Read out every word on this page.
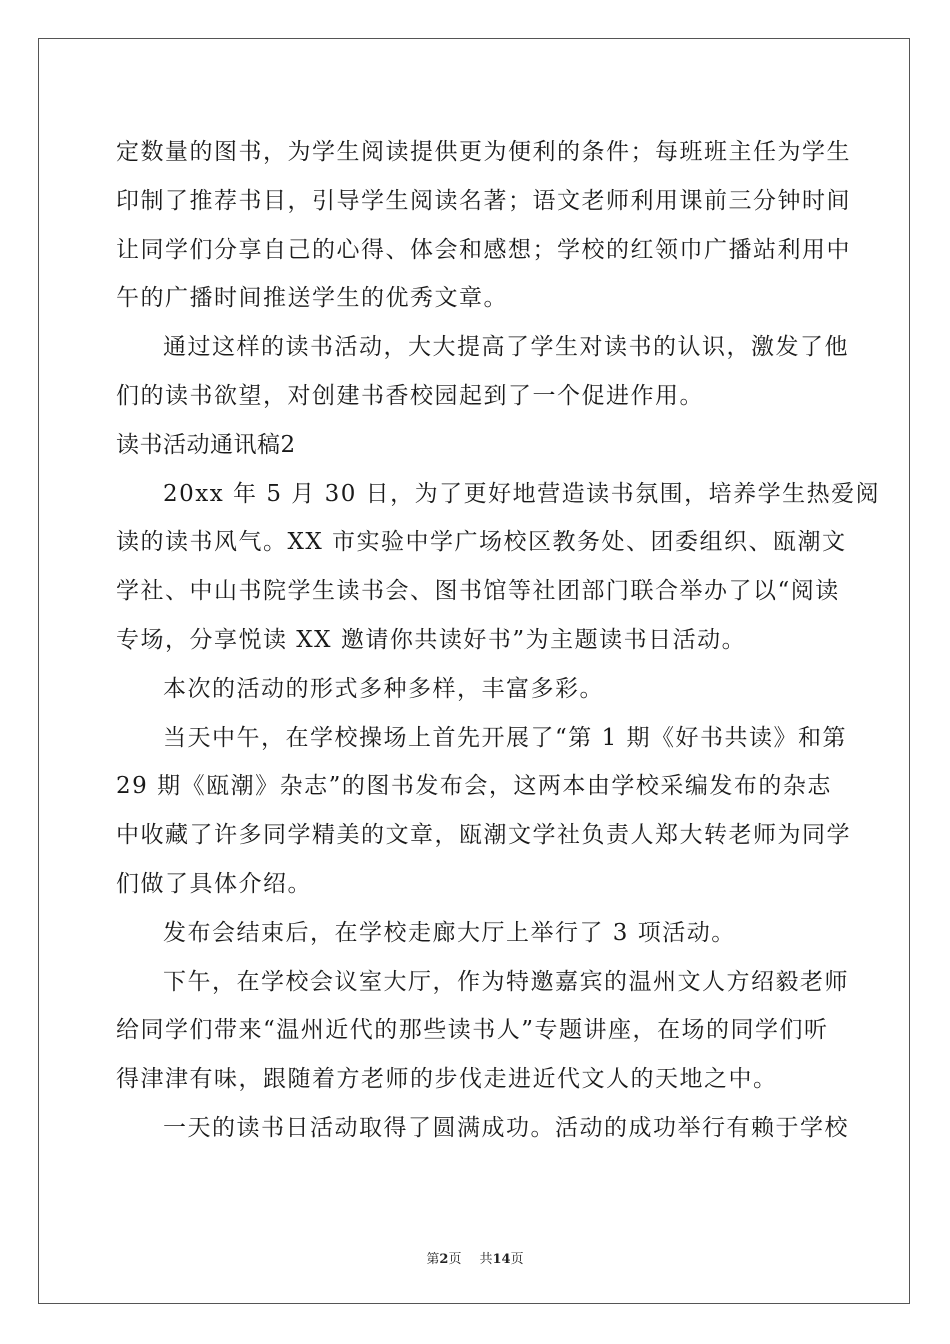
定数量的图书，为学生阅读提供更为便利的条件；每班班主任为学生
印制了推荐书目，引导学生阅读名著；语文老师利用课前三分钟时间
让同学们分享自己的心得、体会和感想；学校的红领巾广播站利用中
午的广播时间推送学生的优秀文章。
通过这样的读书活动，大大提高了学生对读书的认识，激发了他
们的读书欲望，对创建书香校园起到了一个促进作用。
读书活动通讯稿2
20xx 年 5 月 30 日，为了更好地营造读书氛围，培养学生热爱阅
读的读书风气。XX 市实验中学广场校区教务处、团委组织、瓯潮文
学社、中山书院学生读书会、图书馆等社团部门联合举办了以“阅读
专场，分享悦读 XX 邀请你共读好书”为主题读书日活动。
本次的活动的形式多种多样，丰富多彩。
当天中午，在学校操场上首先开展了“第 1 期《好书共读》和第
29 期《瓯潮》杂志”的图书发布会，这两本由学校采编发布的杂志
中收藏了许多同学精美的文章，瓯潮文学社负责人郑大转老师为同学
们做了具体介绍。
发布会结束后，在学校走廊大厅上举行了 3 项活动。
下午，在学校会议室大厅，作为特邀嘉宾的温州文人方绍毅老师
给同学们带来“温州近代的那些读书人”专题讲座，在场的同学们听
得津津有味，跟随着方老师的步伐走进近代文人的天地之中。
一天的读书日活动取得了圆满成功。活动的成功举行有赖于学校
第2页 共14页
